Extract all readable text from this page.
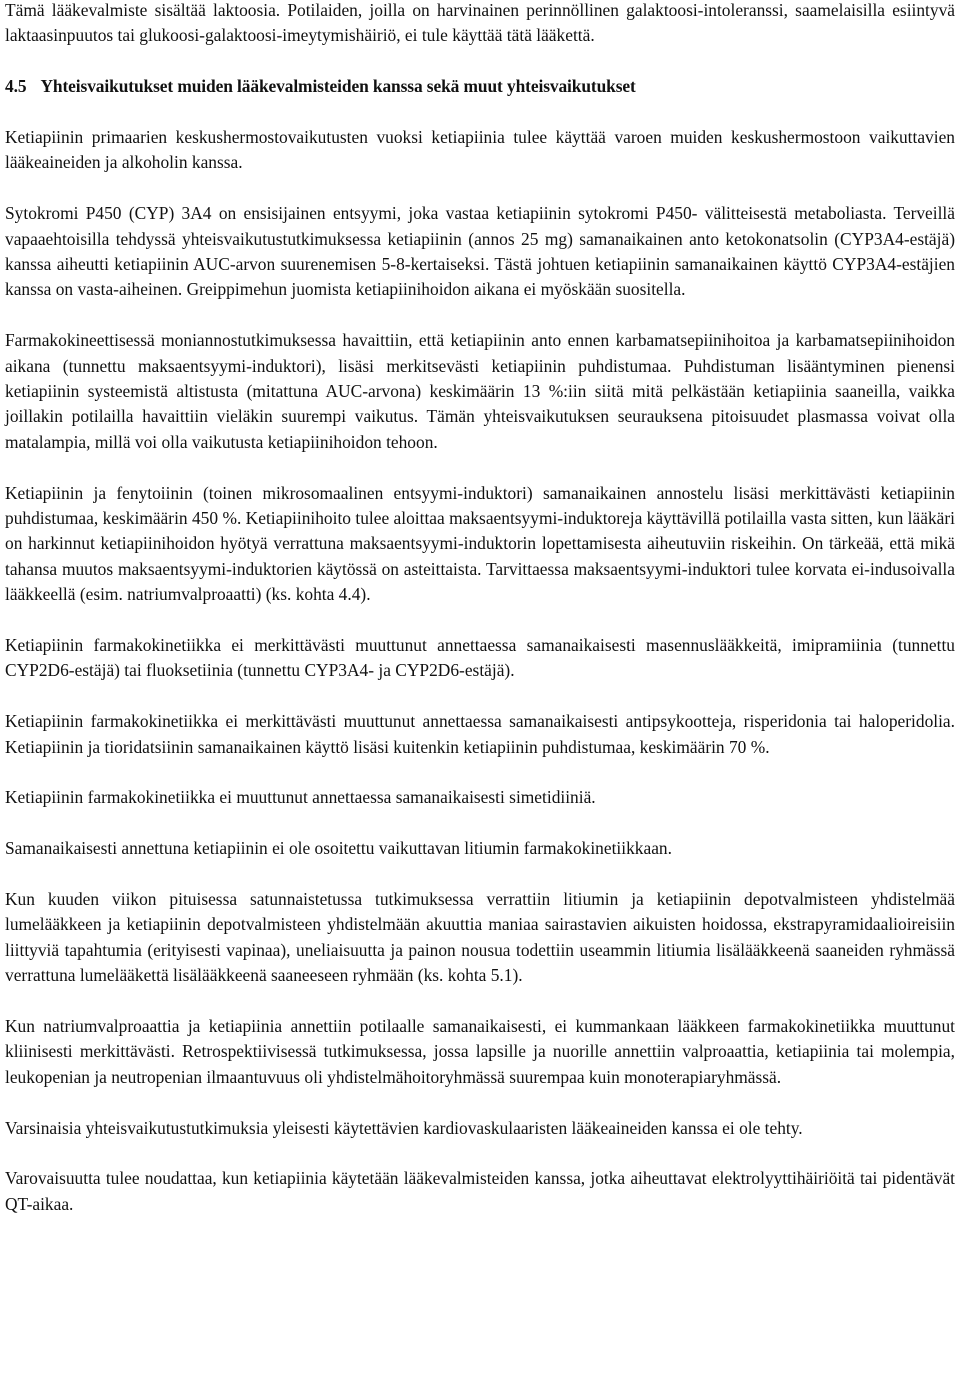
Tämä lääkevalmiste sisältää laktoosia. Potilaiden, joilla on harvinainen perinnöllinen galaktoosi-intoleranssi, saamelaisilla esiintyvä laktaasinpuutos tai glukoosi-galaktoosi-imeytymishäiriö, ei tule käyttää tätä lääkettä.

4.5 Yhteisvaikutukset muiden lääkevalmisteiden kanssa sekä muut yhteisvaikutukset

Ketiapiinin primaarien keskushermostovaikutusten vuoksi ketiapiinia tulee käyttää varoen muiden keskushermostoon vaikuttavien lääkeaineiden ja alkoholin kanssa.

Sytokromi P450 (CYP) 3A4 on ensisijainen entsyymi, joka vastaa ketiapiinin sytokromi P450- välitteisestä metaboliasta. Terveillä vapaaehtoisilla tehdyssä yhteisvaikutustutkimuksessa ketiapiinin (annos 25 mg) samanaikainen anto ketokonatsolin (CYP3A4-estäjä) kanssa aiheutti ketiapiinin AUC-arvon suurenemisen 5-8-kertaiseksi. Tästä johtuen ketiapiinin samanaikainen käyttö CYP3A4-estäjien kanssa on vasta-aiheinen. Greippimehun juomista ketiapiinihoidon aikana ei myöskään suositella.

Farmakokineettisessä moniannostutkimuksessa havaittiin, että ketiapiinin anto ennen karbamatsepiinihoitoa ja karbamatsepiinihoidon aikana (tunnettu maksaentsyymi-induktori), lisäsi merkitsevästi ketiapiinin puhdistumaa. Puhdistuman lisääntyminen pienensi ketiapiinin systeemistä altistusta (mitattuna AUC-arvona) keskimäärin 13 %:iin siitä mitä pelkästään ketiapiinia saaneilla, vaikka joillakin potilailla havaittiin vieläkin suurempi vaikutus. Tämän yhteisvaikutuksen seurauksena pitoisuudet plasmassa voivat olla matalampia, millä voi olla vaikutusta ketiapiinihoidon tehoon.

Ketiapiinin ja fenytoiinin (toinen mikrosomaalinen entsyymi-induktori) samanaikainen annostelu lisäsi merkittävästi ketiapiinin puhdistumaa, keskimäärin 450 %. Ketiapiinihoito tulee aloittaa maksaentsyymi-induktoreja käyttävillä potilailla vasta sitten, kun lääkäri on harkinnut ketiapiinihoidon hyötyä verrattuna maksaentsyymi-induktorin lopettamisesta aiheutuviin riskeihin. On tärkeää, että mikä tahansa muutos maksaentsyymi-induktorien käytössä on asteittaista. Tarvittaessa maksaentsyymi-induktori tulee korvata ei-indusoivalla lääkkeellä (esim. natriumvalproaatti) (ks. kohta 4.4).

Ketiapiinin farmakokinetiikka ei merkittävästi muuttunut annettaessa samanaikaisesti masennuslääkkeitä, imipramiinia (tunnettu CYP2D6-estäjä) tai fluoksetiinia (tunnettu CYP3A4- ja CYP2D6-estäjä).

Ketiapiinin farmakokinetiikka ei merkittävästi muuttunut annettaessa samanaikaisesti antipsykootteja, risperidonia tai haloperidolia. Ketiapiinin ja tioridatsiinin samanaikainen käyttö lisäsi kuitenkin ketiapiinin puhdistumaa, keskimäärin 70 %.

Ketiapiinin farmakokinetiikka ei muuttunut annettaessa samanaikaisesti simetidiiniä.

Samanaikaisesti annettuna ketiapiinin ei ole osoitettu vaikuttavan litiumin farmakokinetiikkaan.

Kun kuuden viikon pituisessa satunnaistetussa tutkimuksessa verrattiin litiumin ja ketiapiinin depotvalmisteen yhdistelmää lumelääkkeen ja ketiapiinin depotvalmisteen yhdistelmään akuuttia maniaa sairastavien aikuisten hoidossa, ekstrapyramidaalioireisiin liittyviä tapahtumia (erityisesti vapinaa), uneliaisuutta ja painon nousua todettiin useammin litiumia lisälääkkeenä saaneiden ryhmässä verrattuna lumelääkettä lisälääkkeenä saaneeseen ryhmään (ks. kohta 5.1).

Kun natriumvalproaattia ja ketiapiinia annettiin potilaalle samanaikaisesti, ei kummankaan lääkkeen farmakokinetiikka muuttunut kliinisesti merkittävästi. Retrospektiivisessä tutkimuksessa, jossa lapsille ja nuorille annettiin valproaattia, ketiapiinia tai molempia, leukopenian ja neutropenian ilmaantuvuus oli yhdistelmähoitoryhmässä suurempaa kuin monoterapiaryhmässä.

Varsinaisia yhteisvaikutustutkimuksia yleisesti käytettävien kardiovaskulaaristen lääkeaineiden kanssa ei ole tehty.

Varovaisuutta tulee noudattaa, kun ketiapiinia käytetään lääkevalmisteiden kanssa, jotka aiheuttavat elektrolyyttihäiriöitä tai pidentävät QT-aikaa.
